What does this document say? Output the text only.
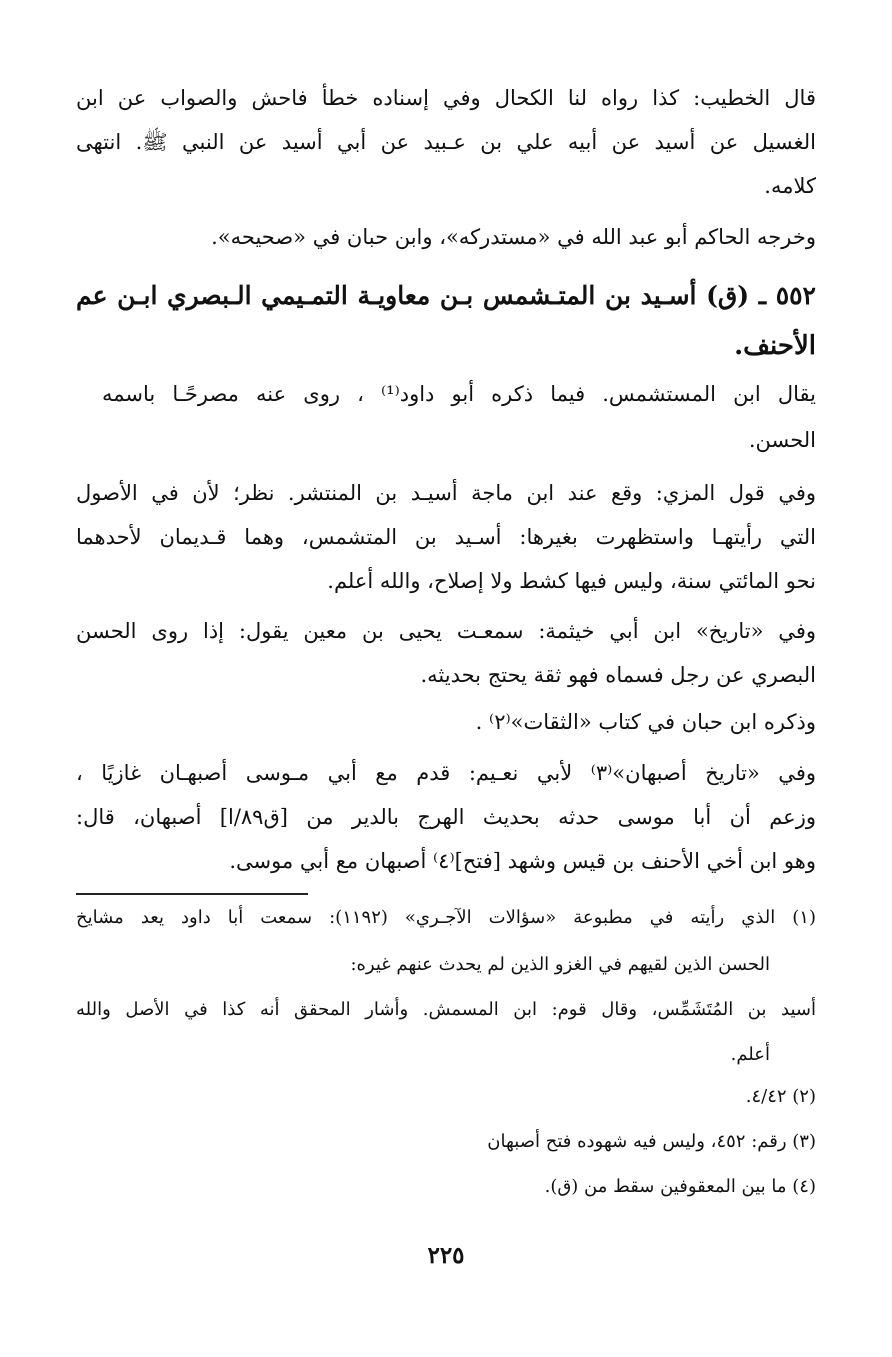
قال الخطيب: كذا رواه لنا الكحال وفي إسناده خطأ فاحش والصواب عن ابن
الغسيل عن أسيد عن أبيه علي بن عـبيد عن أبي أسيد عن النبي ﷺ. انتهى
كلامه.
وخرجه الحاكم أبو عبد الله في «مستدركه»، وابن حبان في «صحيحه».
٥٥٢ ـ (ق) أسـيد بن المتـشمس بـن معاويـة التمـيمي الـبصري ابـن عم
الأحنف.
يقال ابن المستشمس. فيما ذكره أبو داود⁽¹⁾ ، روى عنه مصرحًـا باسمه
الحسن.
وفي قول المزي: وقع عند ابن ماجة أسيـد بن المنتشر. نظر؛ لأن في الأصول
التي رأيتهـا واستظهرت بغيرها: أسـيد بن المتشمس، وهما قـديمان لأحدهما
نحو المائتي سنة، وليس فيها كشط ولا إصلاح، والله أعلم.
وفي «تاريخ» ابن أبي خيثمة: سمعـت يحيى بن معين يقول: إذا روى الحسن
البصري عن رجل فسماه فهو ثقة يحتج بحديثه.
وذكره ابن حبان في كتاب «الثقات»⁽٢⁾ .
وفي «تاريخ أصبهان»⁽٣⁾ لأبي نعـيم: قدم مع أبي مـوسى أصبهـان غازيًا ،
وزعم أن أبا موسى حدثه بحديث الهرج بالدير من [ق٨٩/ا] أصبهان، قال:
وهو ابن أخي الأحنف بن قيس وشهد [فتح]⁽٤⁾ أصبهان مع أبي موسى.
(١) الذي رأيته في مطبوعة «سؤالات الآجـري» (١١٩٢): سمعت أبا داود يعد مشايخ
الحسن الذين لقيهم في الغزو الذين لم يحدث عنهم غيره:
أسيد بن المُتَشَمِّس، وقال قوم: ابن المسمش. وأشار المحقق أنه كذا في الأصل والله
أعلم.
(٢) ٤/٤٢.
(٣) رقم: ٤٥٢، وليس فيه شهوده فتح أصبهان
(٤) ما بين المعقوفين سقط من (ق).
٢٢٥
